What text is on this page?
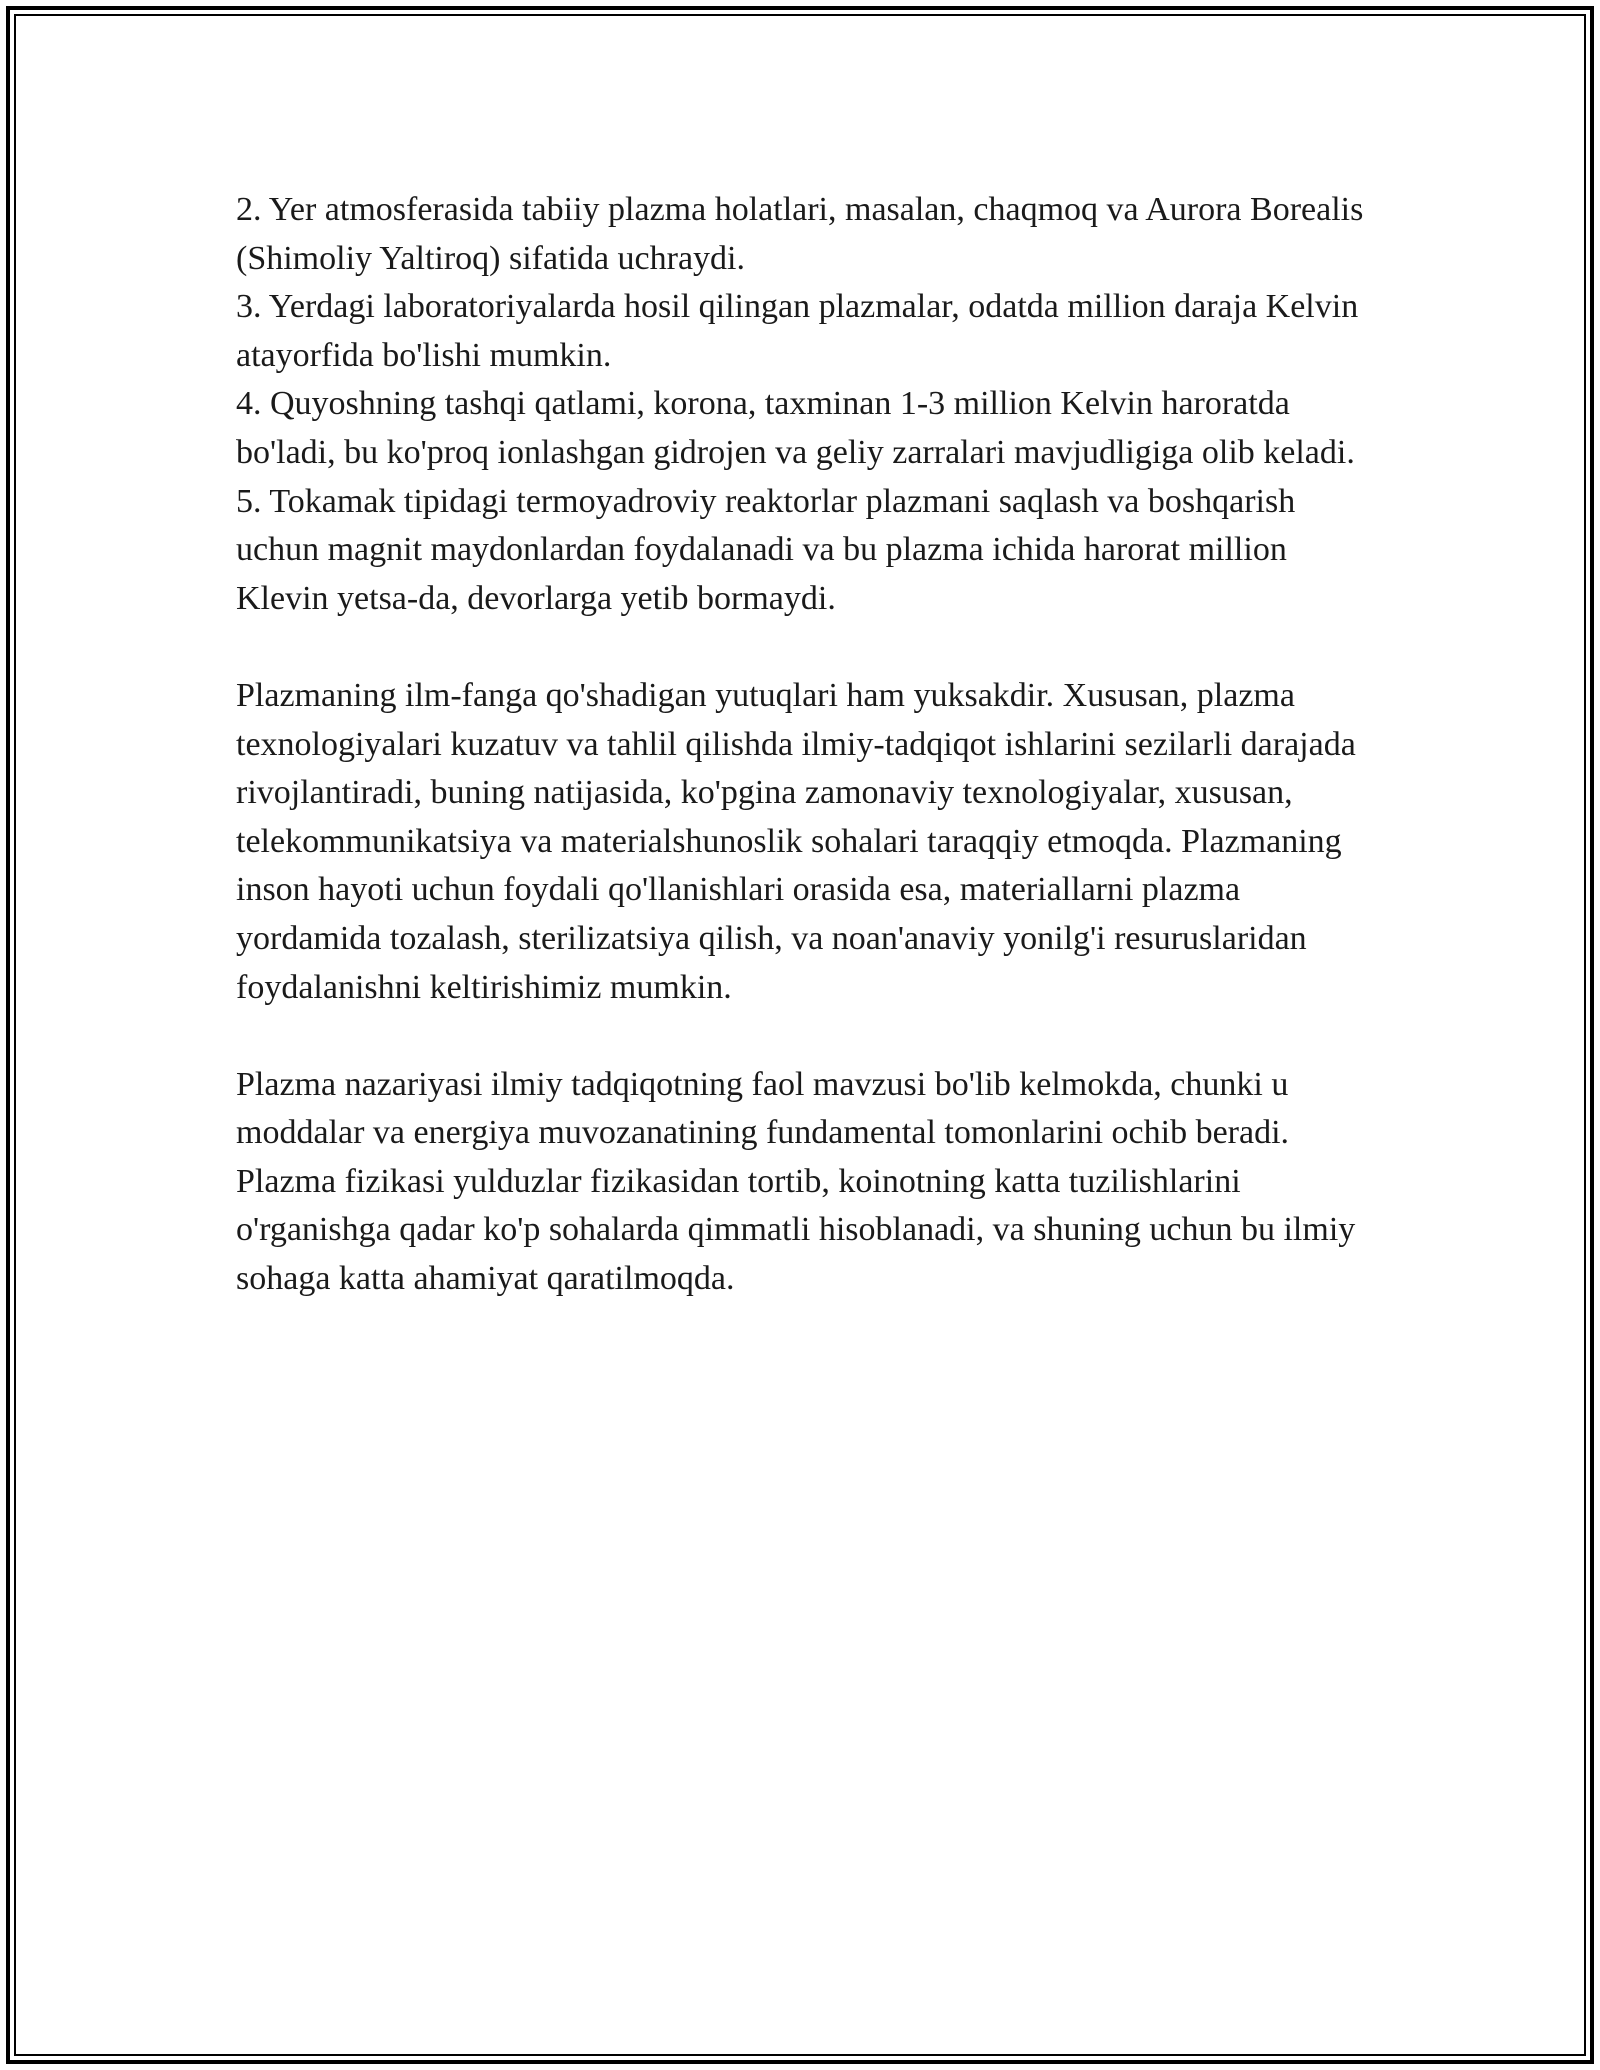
2. Yer atmosferasida tabiiy plazma holatlari, masalan, chaqmoq va Aurora Borealis (Shimoliy Yaltiroq) sifatida uchraydi.

3. Yerdagi laboratoriyalarda hosil qilingan plazmalar, odatda million daraja Kelvin atayorfida bo'lishi mumkin.

4. Quyoshning tashqi qatlami, korona, taxminan 1-3 million Kelvin haroratda bo'ladi, bu ko'proq ionlashgan gidrojen va geliy zarralari mavjudligiga olib keladi.

5. Tokamak tipidagi termoyadroviy reaktorlar plazmani saqlash va boshqarish uchun magnit maydonlardan foydalanadi va bu plazma ichida harorat million Klevin yetsa-da, devorlarga yetib bormaydi.

Plazmaning ilm-fanga qo'shadigan yutuqlari ham yuksakdir. Xususan, plazma texnologiyalari kuzatuv va tahlil qilishda ilmiy-tadqiqot ishlarini sezilarli darajada rivojlantiradi, buning natijasida, ko'pgina zamonaviy texnologiyalar, xususan, telekommunikatsiya va materialshunoslik sohalari taraqqiy etmoqda. Plazmaning inson hayoti uchun foydali qo'llanishlari orasida esa, materiallarni plazma yordamida tozalash, sterilizatsiya qilish, va noan'anaviy yonilg'i resuruslaridan foydalanishni keltirishimiz mumkin.

Plazma nazariyasi ilmiy tadqiqotning faol mavzusi bo'lib kelmokda, chunki u moddalar va energiya muvozanatining fundamental tomonlarini ochib beradi. Plazma fizikasi yulduzlar fizikasidan tortib, koinotning katta tuzilishlarini o'rganishga qadar ko'p sohalarda qimmatli hisoblanadi, va shuning uchun bu ilmiy sohaga katta ahamiyat qaratilmoqda.
